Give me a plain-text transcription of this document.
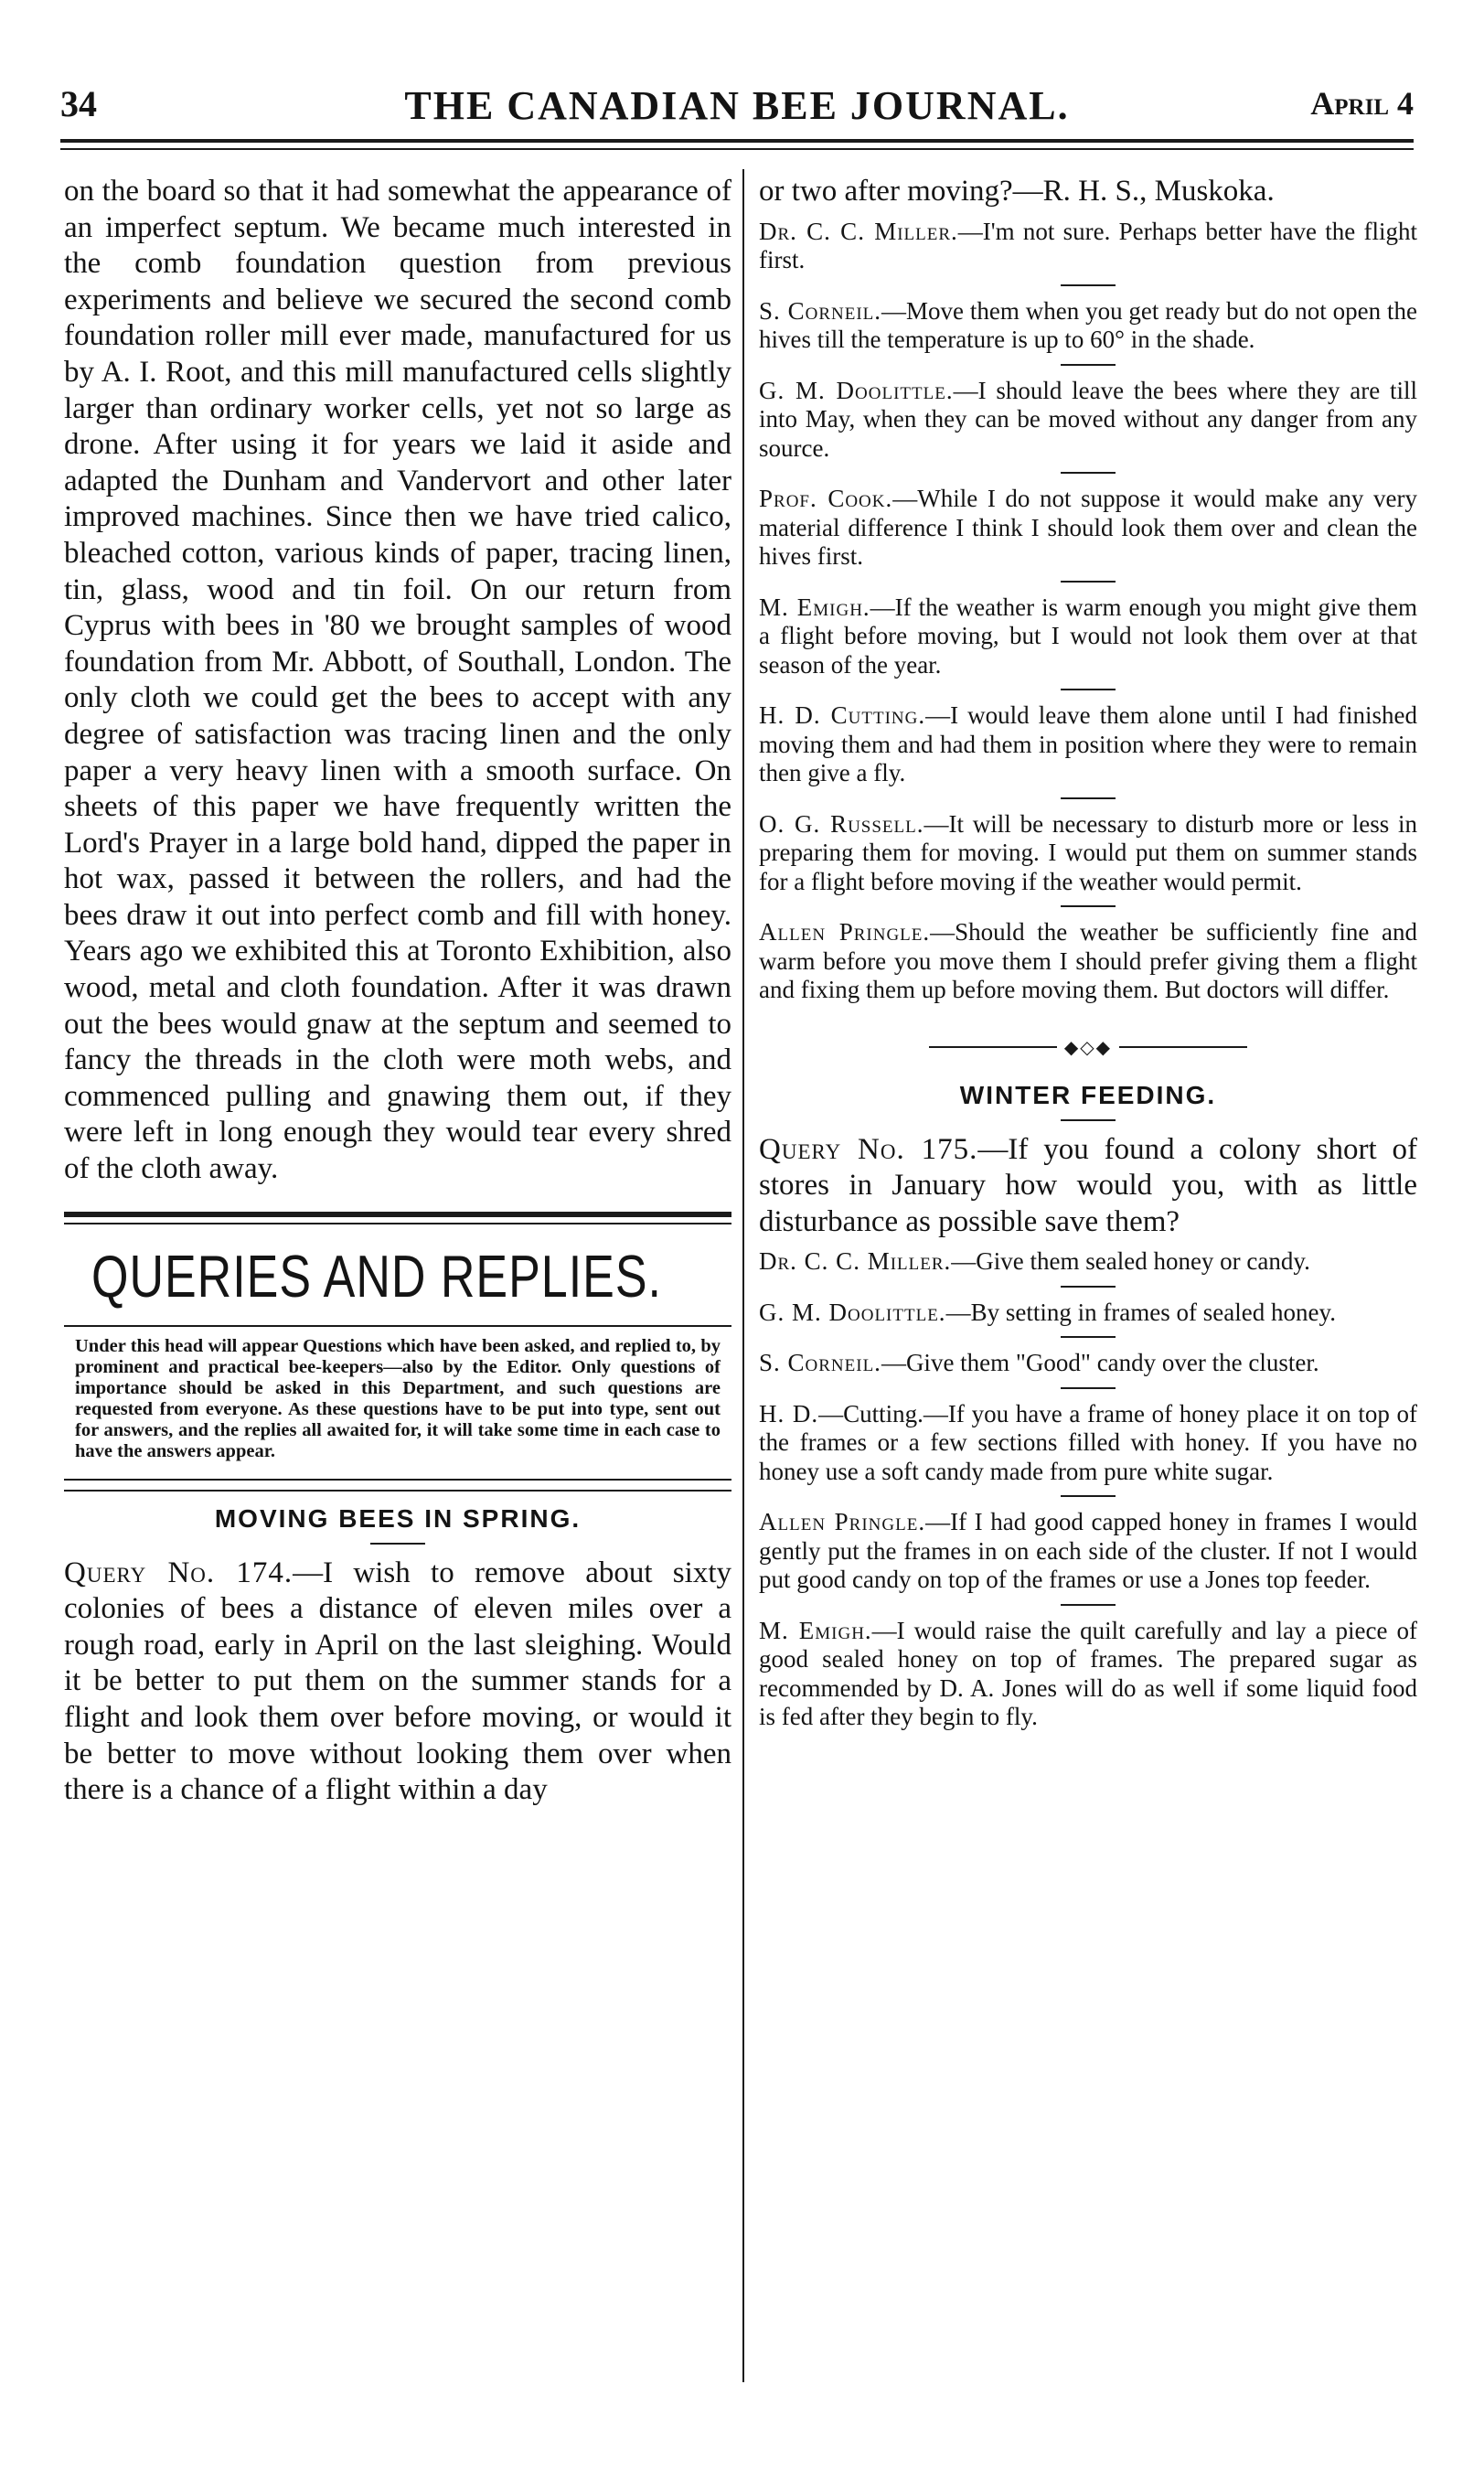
34	THE CANADIAN BEE JOURNAL.	April 4

on the board so that it had somewhat the appearance of an imperfect septum. We became much interested in the comb foundation question from previous experiments and believe we secured the second comb foundation roller mill ever made, manufactured for us by A. I. Root, and this mill manufactured cells slightly larger than ordinary worker cells, yet not so large as drone. After using it for years we laid it aside and adapted the Dunham and Vandervort and other later improved machines. Since then we have tried calico, bleached cotton, various kinds of paper, tracing linen, tin, glass, wood and tin foil. On our return from Cyprus with bees in '80 we brought samples of wood foundation from Mr. Abbott, of Southall, London. The only cloth we could get the bees to accept with any degree of satisfaction was tracing linen and the only paper a very heavy linen with a smooth surface. On sheets of this paper we have frequently written the Lord's Prayer in a large bold hand, dipped the paper in hot wax, passed it between the rollers, and had the bees draw it out into perfect comb and fill with honey. Years ago we exhibited this at Toronto Exhibition, also wood, metal and cloth foundation. After it was drawn out the bees would gnaw at the septum and seemed to fancy the threads in the cloth were moth webs, and commenced pulling and gnawing them out, if they were left in long enough they would tear every shred of the cloth away.

QUERIES AND REPLIES.

Under this head will appear Questions which have been asked, and replied to, by prominent and practical bee-keepers—also by the Editor. Only questions of importance should be asked in this Department, and such questions are requested from everyone. As these questions have to be put into type, sent out for answers, and the replies all awaited for, it will take some time in each case to have the answers appear.

MOVING BEES IN SPRING.

Query No. 174.—I wish to remove about sixty colonies of bees a distance of eleven miles over a rough road, early in April on the last sleighing. Would it be better to put them on the summer stands for a flight and look them over before moving, or would it be better to move without looking them over when there is a chance of a flight within a day

or two after moving?—R. H. S., Muskoka.

Dr. C. C. Miller.—I'm not sure. Perhaps better have the flight first.

S. Corneil.—Move them when you get ready but do not open the hives till the temperature is up to 60° in the shade.

G. M. Doolittle.—I should leave the bees where they are till into May, when they can be moved without any danger from any source.

Prof. Cook.—While I do not suppose it would make any very material difference I think I should look them over and clean the hives first.

M. Emigh.—If the weather is warm enough you might give them a flight before moving, but I would not look them over at that season of the year.

H. D. Cutting.—I would leave them alone until I had finished moving them and had them in position where they were to remain then give a fly.

O. G. Russell.—It will be necessary to disturb more or less in preparing them for moving. I would put them on summer stands for a flight before moving if the weather would permit.

Allen Pringle.—Should the weather be sufficiently fine and warm before you move them I should prefer giving them a flight and fixing them up before moving them. But doctors will differ.

◆◇◆
WINTER FEEDING.

Query No. 175.—If you found a colony short of stores in January how would you, with as little disturbance as possible save them?

Dr. C. C. Miller.—Give them sealed honey or candy.

G. M. Doolittle.—By setting in frames of sealed honey.

S. Corneil.—Give them "Good" candy over the cluster.

H. D.—Cutting.—If you have a frame of honey place it on top of the frames or a few sections filled with honey. If you have no honey use a soft candy made from pure white sugar.

Allen Pringle.—If I had good capped honey in frames I would gently put the frames in on each side of the cluster. If not I would put good candy on top of the frames or use a Jones top feeder.

M. Emigh.—I would raise the quilt carefully and lay a piece of good sealed honey on top of frames. The prepared sugar as recommended by D. A. Jones will do as well if some liquid food is fed after they begin to fly.
